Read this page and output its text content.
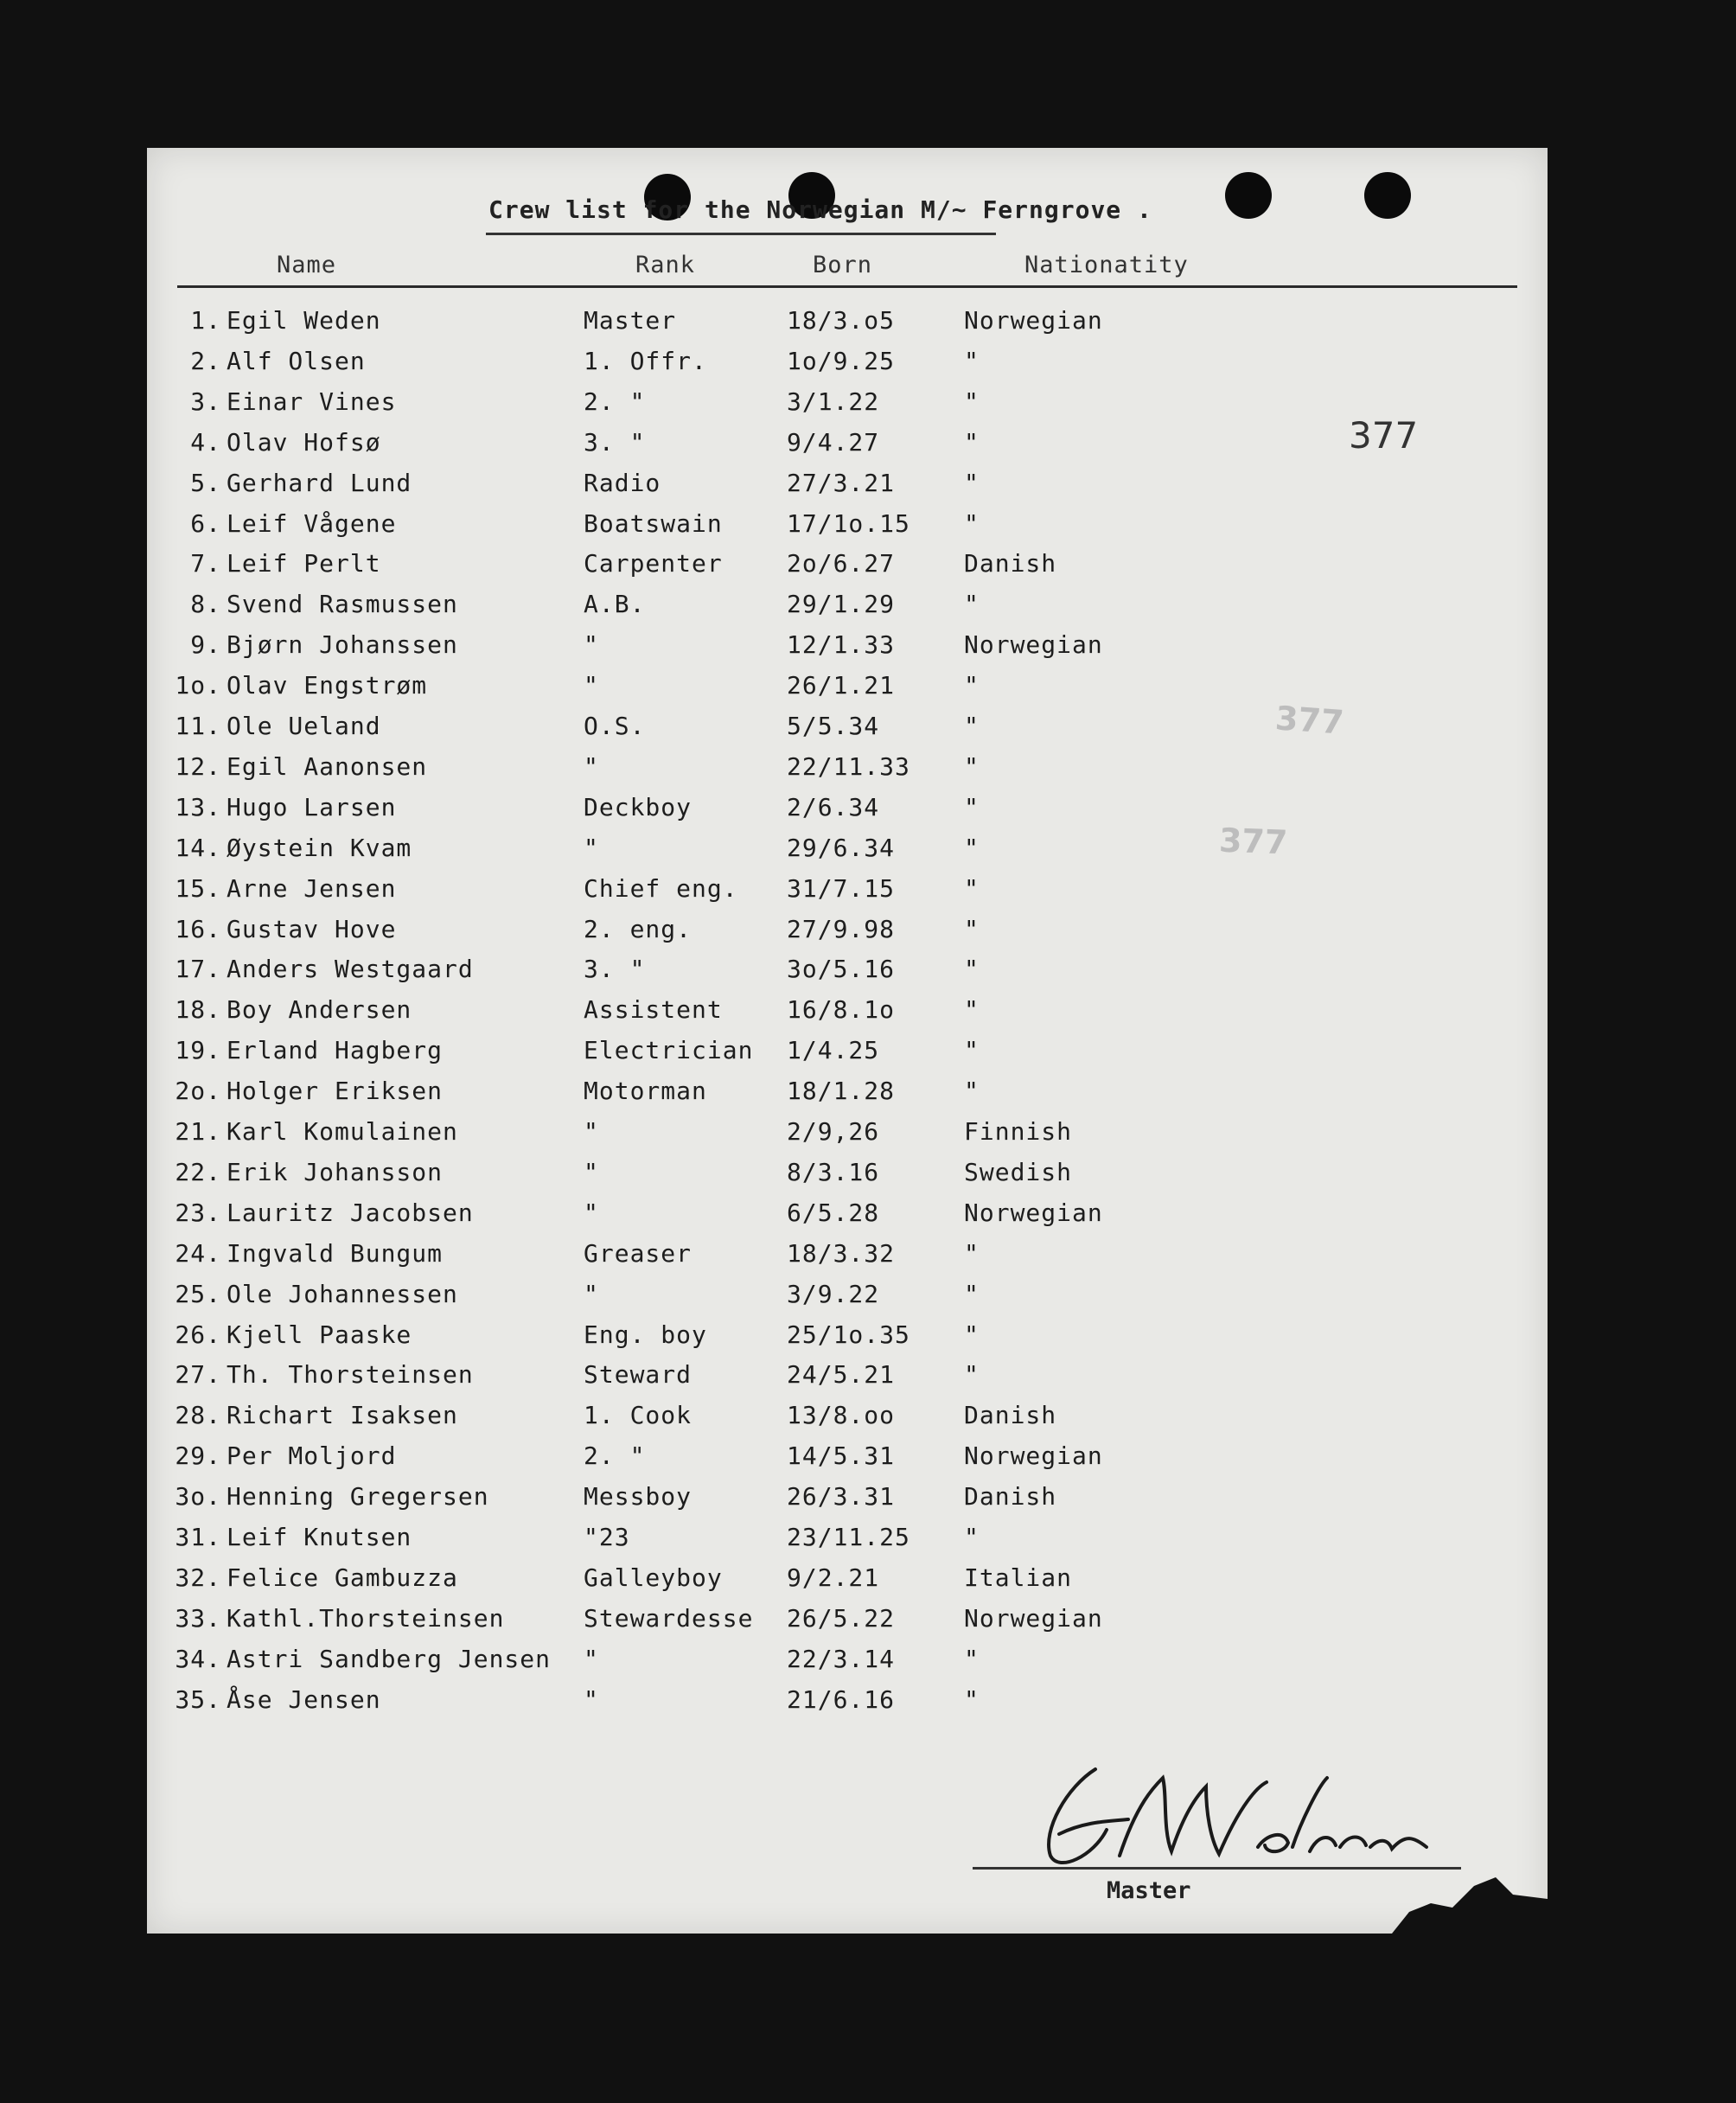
Crew list for the Norwegian M/~ Ferngrove .
Name	Rank	Born	Nationatity
377
377
377
1. Egil Weden	Master	18/3.o5	Norwegian
2. Alf Olsen	1. Offr.	1o/9.25	"
3. Einar Vines	2. "	3/1.22	"
4. Olav Hofsø	3. "	9/4.27	"
5. Gerhard Lund	Radio	27/3.21	"
6. Leif Vågene	Boatswain	17/1o.15 "
7. Leif Perlt	Carpenter	2o/6.27	Danish
8. Svend Rasmussen	A.B.	29/1.29	"
9. Bjørn Johanssen	"	12/1.33	Norwegian
1o. Olav Engstrøm	"	26/1.21	"
11. Ole Ueland	O.S.	5/5.34	"
12. Egil Aanonsen	"	22/11.33 "
13. Hugo Larsen	Deckboy	2/6.34	"
14. Øystein Kvam	"	29/6.34	"
15. Arne Jensen	Chief eng. 31/7.15	"
16. Gustav Hove	2. eng.	27/9.98	"
17. Anders Westgaard	3. "	3o/5.16	"
18. Boy Andersen	Assistent	16/8.1o	"
19. Erland Hagberg	Electrician 1/4.25	"
2o. Holger Eriksen	Motorman	18/1.28	"
21. Karl Komulainen	"	2/9,26	Finnish
22. Erik Johansson	"	8/3.16	Swedish
23. Lauritz Jacobsen	"	6/5.28	Norwegian
24. Ingvald Bungum	Greaser	18/3.32	"
25. Ole Johannessen	"	3/9.22	"
26. Kjell Paaske	Eng. boy	25/1o.35 "
27. Th. Thorsteinsen	Steward	24/5.21	"
28. Richart Isaksen	1. Cook	13/8.oo	Danish
29. Per Moljord	2. "	14/5.31	Norwegian
3o. Henning Gregersen	Messboy	26/3.31	Danish
31. Leif Knutsen	"23	23/11.25 "
32. Felice Gambuzza	Galleyboy	9/2.21	Italian
33. Kathl.Thorsteinsen	Stewardesse 26/5.22	Norwegian
34. Astri Sandberg Jensen "	22/3.14	"
35. Åse Jensen	"	21/6.16	"
Master
